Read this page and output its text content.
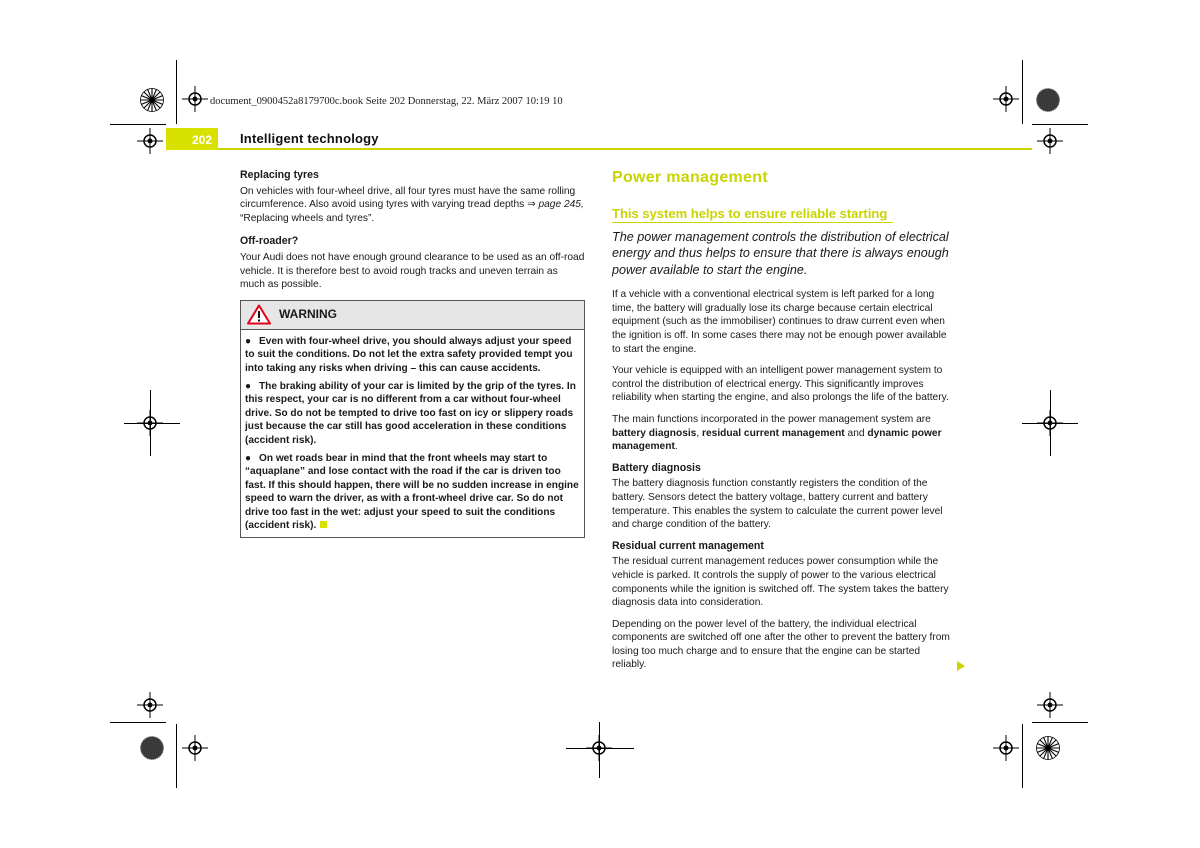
document_0900452a8179700c.book Seite 202 Donnerstag, 22. März 2007 10:19 10
202	Intelligent technology

Replacing tyres

On vehicles with four-wheel drive, all four tyres must have the same rolling circumference. Also avoid using tyres with varying tread depths ⇒ page 245, “Replacing wheels and tyres”.

Off-roader?

Your Audi does not have enough ground clearance to be used as an off-road vehicle. It is therefore best to avoid rough tracks and uneven terrain as much as possible.

WARNING

● Even with four-wheel drive, you should always adjust your speed to suit the conditions. Do not let the extra safety provided tempt you into taking any risks when driving – this can cause accidents.

● The braking ability of your car is limited by the grip of the tyres. In this respect, your car is no different from a car without four-wheel drive. So do not be tempted to drive too fast on icy or slippery roads just because the car still has good acceleration in these conditions (accident risk).

● On wet roads bear in mind that the front wheels may start to “aquaplane” and lose contact with the road if the car is driven too fast. If this should happen, there will be no sudden increase in engine speed to warn the driver, as with a front-wheel drive car. So do not drive too fast in the wet: adjust your speed to suit the conditions (accident risk).

Power management

This system helps to ensure reliable starting

The power management controls the distribution of electrical energy and thus helps to ensure that there is always enough power available to start the engine.

If a vehicle with a conventional electrical system is left parked for a long time, the battery will gradually lose its charge because certain electrical equipment (such as the immobiliser) continues to draw current even when the ignition is off. In some cases there may not be enough power available to start the engine.

Your vehicle is equipped with an intelligent power management system to control the distribution of electrical energy. This significantly improves reliability when starting the engine, and also prolongs the life of the battery.

The main functions incorporated in the power management system are battery diagnosis, residual current management and dynamic power management.

Battery diagnosis

The battery diagnosis function constantly registers the condition of the battery. Sensors detect the battery voltage, battery current and battery temperature. This enables the system to calculate the current power level and charge condition of the battery.

Residual current management

The residual current management reduces power consumption while the vehicle is parked. It controls the supply of power to the various electrical components while the ignition is switched off. The system takes the battery diagnosis data into consideration.

Depending on the power level of the battery, the individual electrical components are switched off one after the other to prevent the battery from losing too much charge and to ensure that the engine can be started reliably.
